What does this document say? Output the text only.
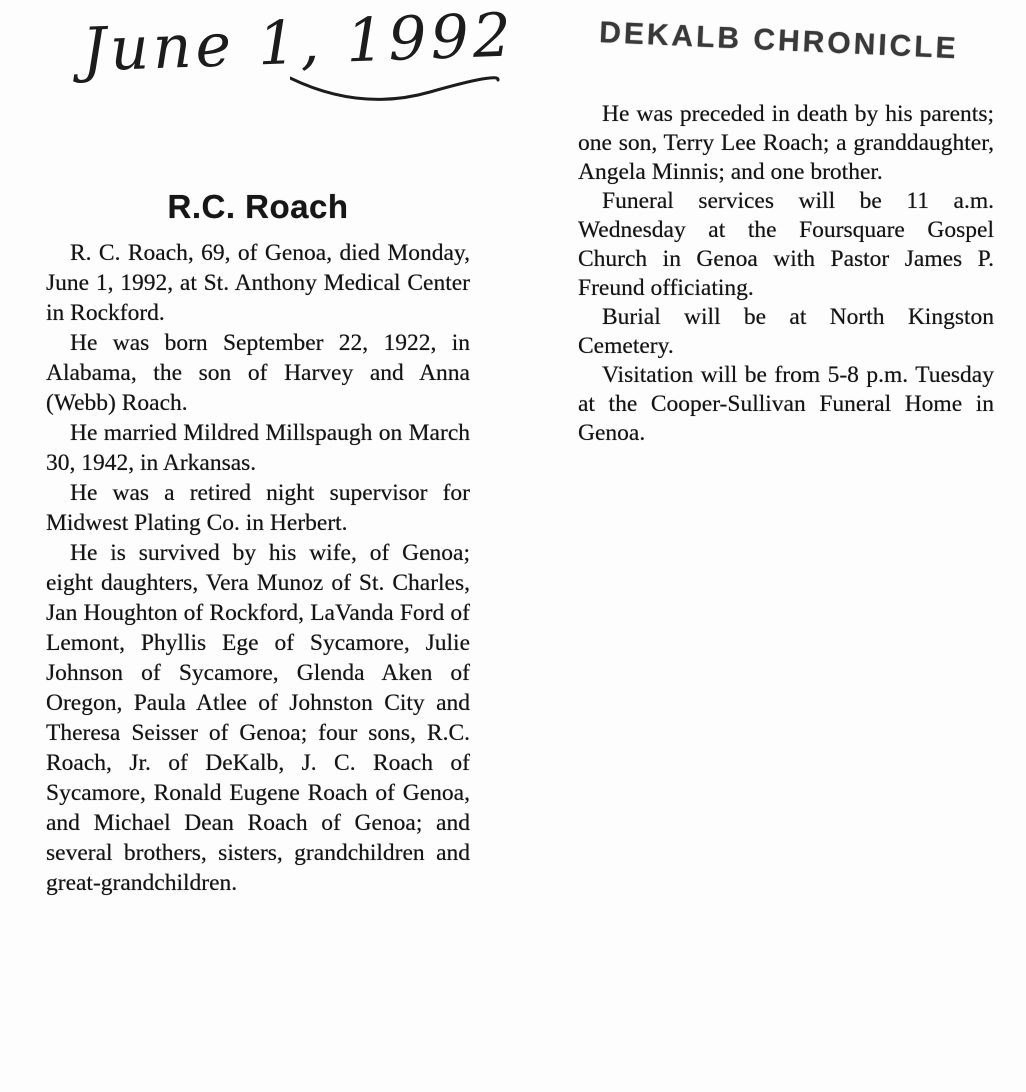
June 1, 1992	DEKALB CHRONICLE
R.C. Roach

R. C. Roach, 69, of Genoa, died Monday, June 1, 1992, at St. Anthony Medical Center in Rockford.

He was born September 22, 1922, in Alabama, the son of Harvey and Anna (Webb) Roach.

He married Mildred Millspaugh on March 30, 1942, in Arkansas.

He was a retired night supervisor for Midwest Plating Co. in Herbert.

He is survived by his wife, of Genoa; eight daughters, Vera Munoz of St. Charles, Jan Houghton of Rockford, LaVanda Ford of Lemont, Phyllis Ege of Sycamore, Julie Johnson of Sycamore, Glenda Aken of Oregon, Paula Atlee of Johnston City and Theresa Seisser of Genoa; four sons, R.C. Roach, Jr. of DeKalb, J. C. Roach of Sycamore, Ronald Eugene Roach of Genoa, and Michael Dean Roach of Genoa; and several brothers, sisters, grandchildren and great-grandchildren.

He was preceded in death by his parents; one son, Terry Lee Roach; a granddaughter, Angela Minnis; and one brother.

Funeral services will be 11 a.m. Wednesday at the Foursquare Gospel Church in Genoa with Pastor James P. Freund officiating.

Burial will be at North Kingston Cemetery.

Visitation will be from 5-8 p.m. Tuesday at the Cooper-Sullivan Funeral Home in Genoa.
